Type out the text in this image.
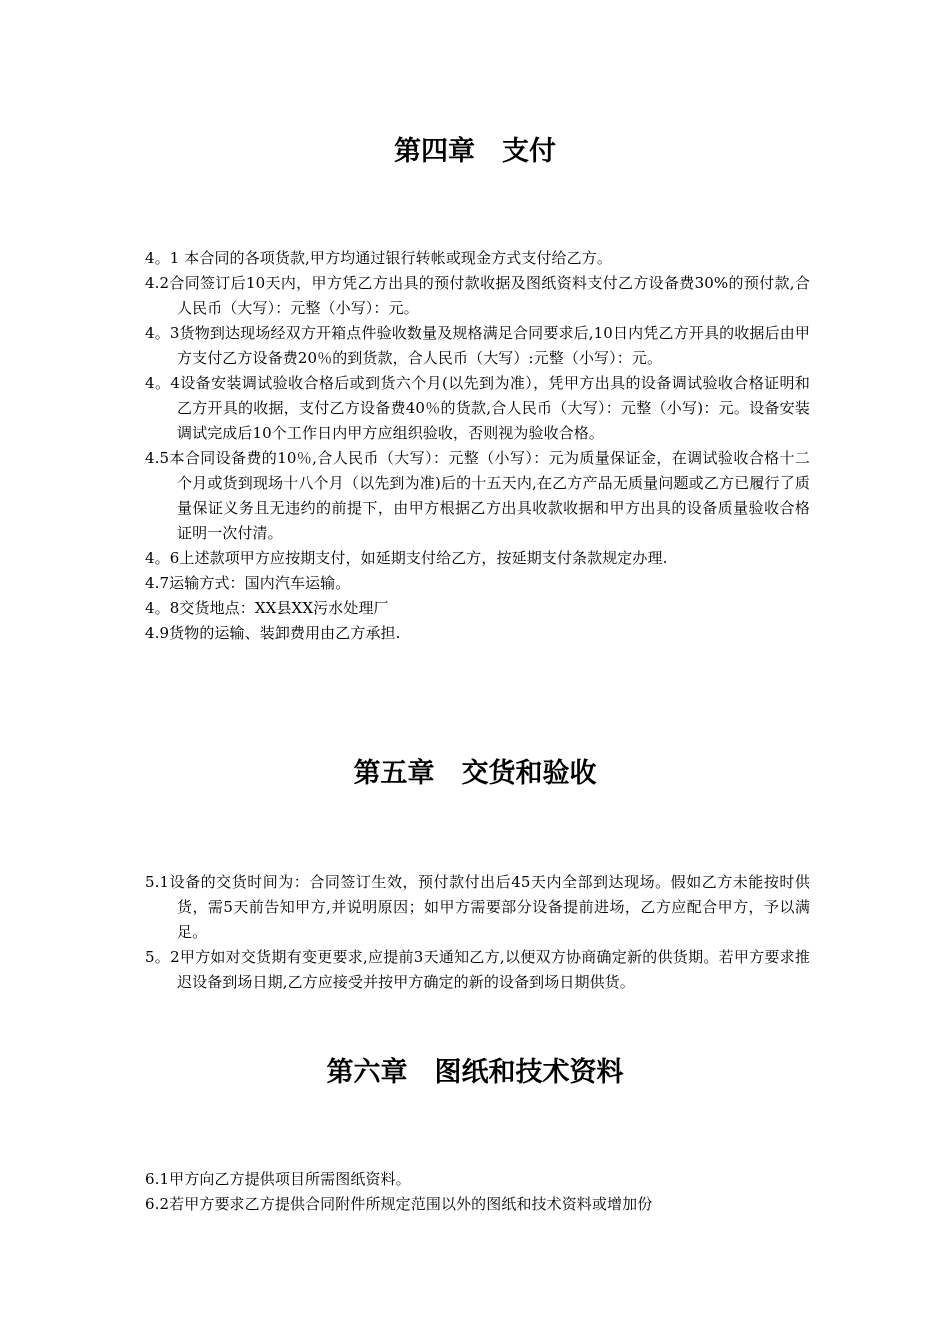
第四章　支付

4。1 本合同的各项货款,甲方均通过银行转帐或现金方式支付给乙方。

4.2合同签订后10天内，甲方凭乙方出具的预付款收据及图纸资料支付乙方设备费30%的预付款,合人民币（大写）：元整（小写）：元。

4。3货物到达现场经双方开箱点件验收数量及规格满足合同要求后,10日内凭乙方开具的收据后由甲方支付乙方设备费20％的到货款，合人民币（大写）:元整（小写）：元。

4。4设备安装调试验收合格后或到货六个月(以先到为准），凭甲方出具的设备调试验收合格证明和乙方开具的收据，支付乙方设备费40％的货款,合人民币（大写）：元整（小写)：元。设备安装调试完成后10个工作日内甲方应组织验收，否则视为验收合格。

4.5本合同设备费的10％,合人民币（大写）：元整（小写）：元为质量保证金，在调试验收合格十二个月或货到现场十八个月（以先到为准)后的十五天内,在乙方产品无质量问题或乙方已履行了质量保证义务且无违约的前提下，由甲方根据乙方出具收款收据和甲方出具的设备质量验收合格证明一次付清。

4。6上述款项甲方应按期支付，如延期支付给乙方，按延期支付条款规定办理.

4.7运输方式：国内汽车运输。

4。8交货地点：XX县XX污水处理厂

4.9货物的运输、装卸费用由乙方承担.

第五章　交货和验收

5.1设备的交货时间为：合同签订生效，预付款付出后45天内全部到达现场。假如乙方未能按时供货，需5天前告知甲方,并说明原因；如甲方需要部分设备提前进场，乙方应配合甲方，予以满足。

5。2甲方如对交货期有变更要求,应提前3天通知乙方,以便双方协商确定新的供货期。若甲方要求推迟设备到场日期,乙方应接受并按甲方确定的新的设备到场日期供货。

第六章　图纸和技术资料

6.1甲方向乙方提供项目所需图纸资料。

6.2若甲方要求乙方提供合同附件所规定范围以外的图纸和技术资料或增加份
